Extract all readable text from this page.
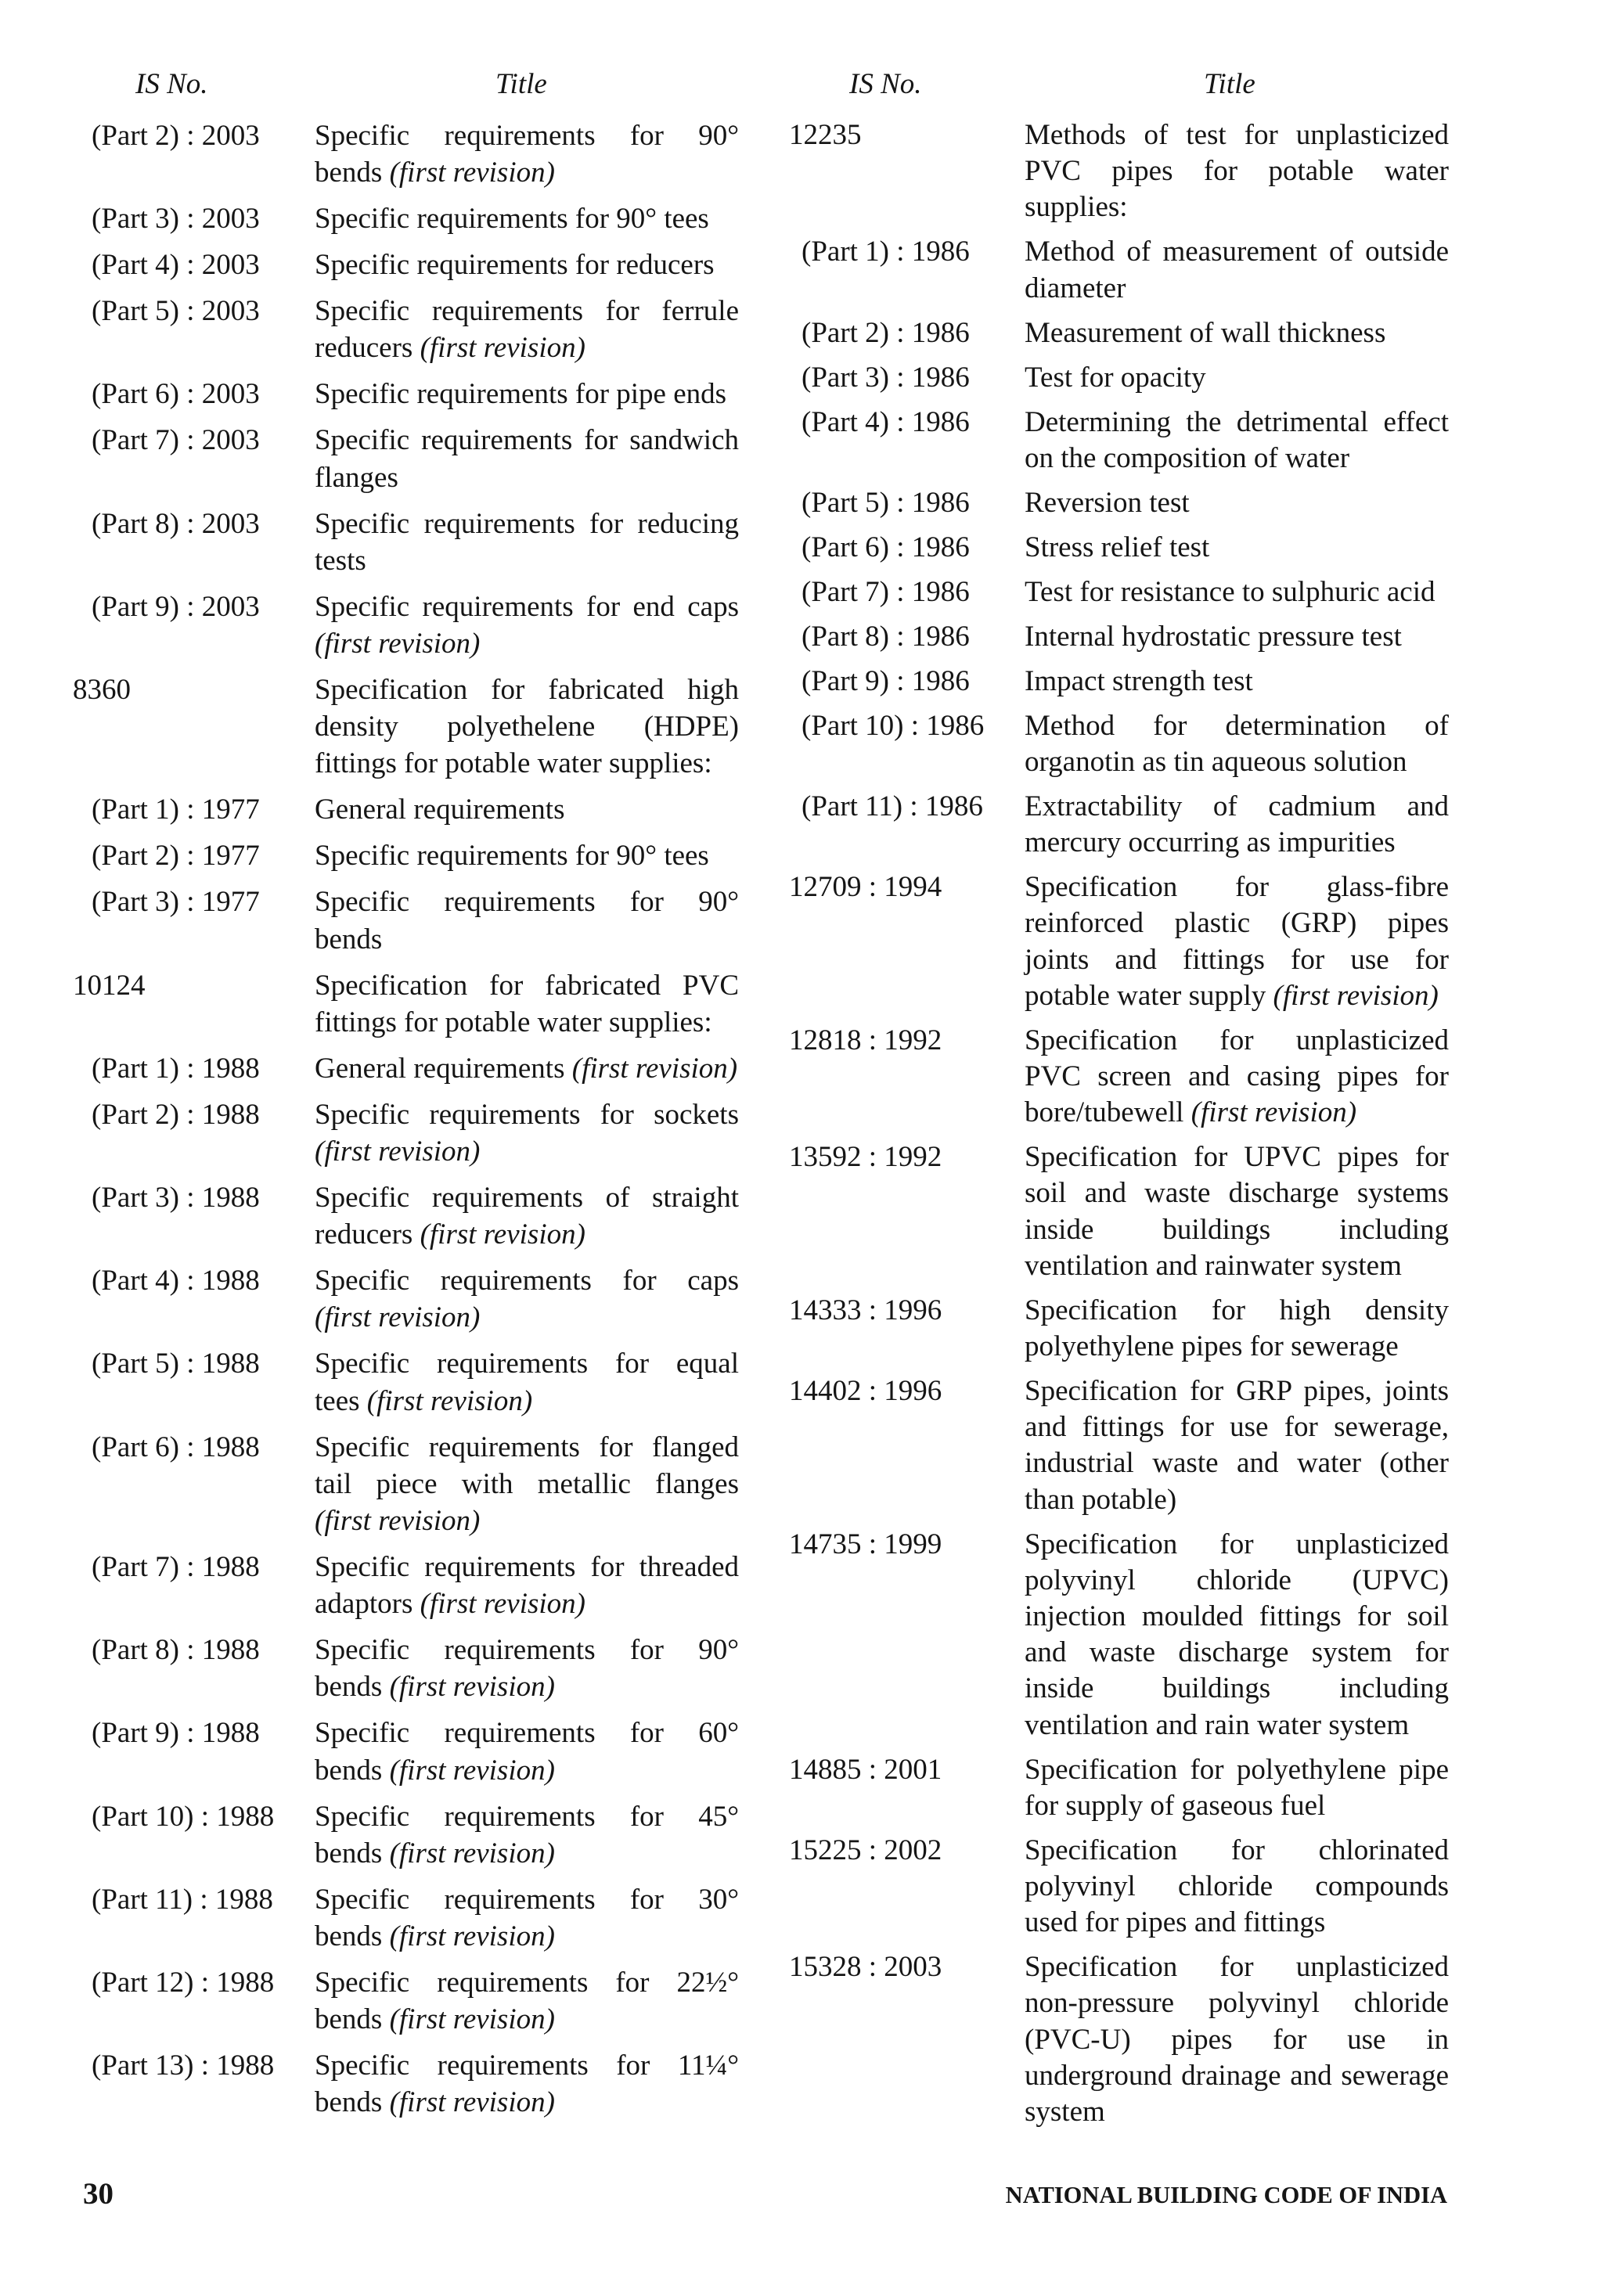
IS No.	Title	IS No.	Title
(Part 2) : 2003	Specific requirements for 90°
bends (first revision)
(Part 3) : 2003	Specific requirements for 90° tees
(Part 4) : 2003	Specific requirements for reducers
(Part 5) : 2003	Specific requirements for ferrule
reducers (first revision)
(Part 6) : 2003	Specific requirements for pipe ends
(Part 7) : 2003	Specific requirements for sandwich
flanges
(Part 8) : 2003	Specific requirements for reducing
tests
(Part 9) : 2003	Specific requirements for end caps
(first revision)
8360	Specification for fabricated high
density polyethelene (HDPE)
fittings for potable water supplies:
(Part 1) : 1977	General requirements
(Part 2) : 1977	Specific requirements for 90° tees
(Part 3) : 1977	Specific requirements for 90°
bends
10124	Specification for fabricated PVC
fittings for potable water supplies:
(Part 1) : 1988	General requirements (first revision)
(Part 2) : 1988	Specific requirements for sockets
(first revision)
(Part 3) : 1988	Specific requirements of straight
reducers (first revision)
(Part 4) : 1988	Specific requirements for caps
(first revision)
(Part 5) : 1988	Specific requirements for equal
tees (first revision)
(Part 6) : 1988	Specific requirements for flanged
tail piece with metallic flanges
(first revision)
(Part 7) : 1988	Specific requirements for threaded
adaptors (first revision)
(Part 8) : 1988	Specific requirements for 90°
bends (first revision)
(Part 9) : 1988	Specific requirements for 60°
bends (first revision)
(Part 10) : 1988	Specific requirements for 45°
bends (first revision)
(Part 11) : 1988	Specific requirements for 30°
bends (first revision)
(Part 12) : 1988	Specific requirements for 22½°
bends (first revision)
(Part 13) : 1988	Specific requirements for 11¼°
bends (first revision)
12235	Methods of test for unplasticized
PVC pipes for potable water
supplies:
(Part 1) : 1986	Method of measurement of outside
diameter
(Part 2) : 1986	Measurement of wall thickness
(Part 3) : 1986	Test for opacity
(Part 4) : 1986	Determining the detrimental effect
on the composition of water
(Part 5) : 1986	Reversion test
(Part 6) : 1986	Stress relief test
(Part 7) : 1986	Test for resistance to sulphuric acid
(Part 8) : 1986	Internal hydrostatic pressure test
(Part 9) : 1986	Impact strength test
(Part 10) : 1986	Method for determination of
organotin as tin aqueous solution
(Part 11) : 1986	Extractability of cadmium and
mercury occurring as impurities
12709 : 1994	Specification for glass-fibre
reinforced plastic (GRP) pipes
joints and fittings for use for
potable water supply (first revision)
12818 : 1992	Specification for unplasticized
PVC screen and casing pipes for
bore/tubewell (first revision)
13592 : 1992	Specification for UPVC pipes for
soil and waste discharge systems
inside buildings including
ventilation and rainwater system
14333 : 1996	Specification for high density
polyethylene pipes for sewerage
14402 : 1996	Specification for GRP pipes, joints
and fittings for use for sewerage,
industrial waste and water (other
than potable)
14735 : 1999	Specification for unplasticized
polyvinyl chloride (UPVC)
injection moulded fittings for soil
and waste discharge system for
inside buildings including
ventilation and rain water system
14885 : 2001	Specification for polyethylene pipe
for supply of gaseous fuel
15225 : 2002	Specification for chlorinated
polyvinyl chloride compounds
used for pipes and fittings
15328 : 2003	Specification for unplasticized
non-pressure polyvinyl chloride
(PVC-U) pipes for use in
underground drainage and sewerage
system
30	NATIONAL BUILDING CODE OF INDIA
